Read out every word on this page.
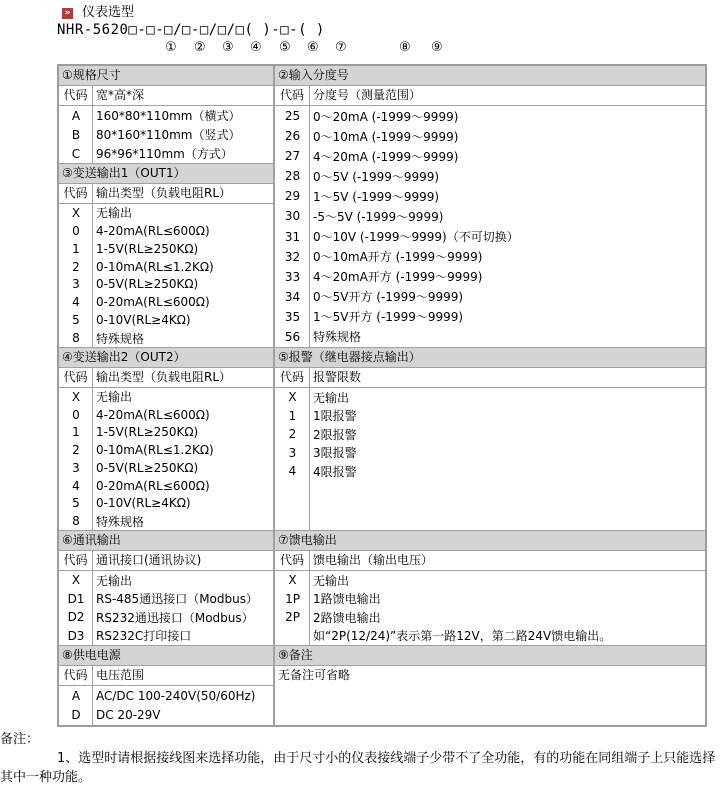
» 仪表选型
NHR-5620□-□-□/□-□/□/□( )-□-( )
① ② ③ ④ ⑤ ⑥ ⑦	⑧ ⑨
①规格尺寸
代码 宽*高*深
A	160*80*110mm（横式）
B	80*160*110mm（竖式）
C	96*96*110mm（方式）
③变送输出1（OUT1）
代码 输出类型（负载电阻RL）
X	无输出
0	4-20mA(RL≤600Ω)
1	1-5V(RL≥250KΩ)
2	0-10mA(RL≤1.2KΩ)
3	0-5V(RL≥250KΩ)
4	0-20mA(RL≤600Ω)
5	0-10V(RL≥4KΩ)
8	特殊规格
②输入分度号
代码 分度号（测量范围）
25	0～20mA (-1999～9999)
26	0～10mA (-1999～9999)
27	4～20mA (-1999～9999)
28	0～5V (-1999～9999)
29	1～5V (-1999～9999)
30	-5～5V (-1999～9999)
31	0～10V (-1999～9999)（不可切换）
32	0～10mA开方 (-1999～9999)
33	4～20mA开方 (-1999～9999)
34	0～5V开方 (-1999～9999)
35	1～5V开方 (-1999～9999)
56	特殊规格
④变送输出2（OUT2）
代码 输出类型（负载电阻RL）
X	无输出
0	4-20mA(RL≤600Ω)
1	1-5V(RL≥250KΩ)
2	0-10mA(RL≤1.2KΩ)
3	0-5V(RL≥250KΩ)
4	0-20mA(RL≤600Ω)
5	0-10V(RL≥4KΩ)
8	特殊规格
⑤报警（继电器接点输出）
代码 报警限数
X	无输出
1	1限报警
2	2限报警
3	3限报警
4	4限报警
⑥通讯输出
代码 通讯接口(通讯协议)
X	无输出
D1 RS-485通迅接口（Modbus）
D2 RS232通迅接口（Modbus）
D3 RS232C打印接口
⑦馈电输出
代码 馈电输出（输出电压）
X	无输出
1P	1路馈电输出
2P	2路馈电输出
如“2P(12/24)”表示第一路12V，第二路24V馈电输出。
⑧供电电源
代码 电压范围
A	AC/DC 100-240V(50/60Hz)
D	DC 20-29V
⑨备注
无备注可省略
备注：

1、选型时请根据接线图来选择功能，由于尺寸小的仪表接线端子少带不了全功能，有的功能在同组端子上只能选择其中一种功能。
